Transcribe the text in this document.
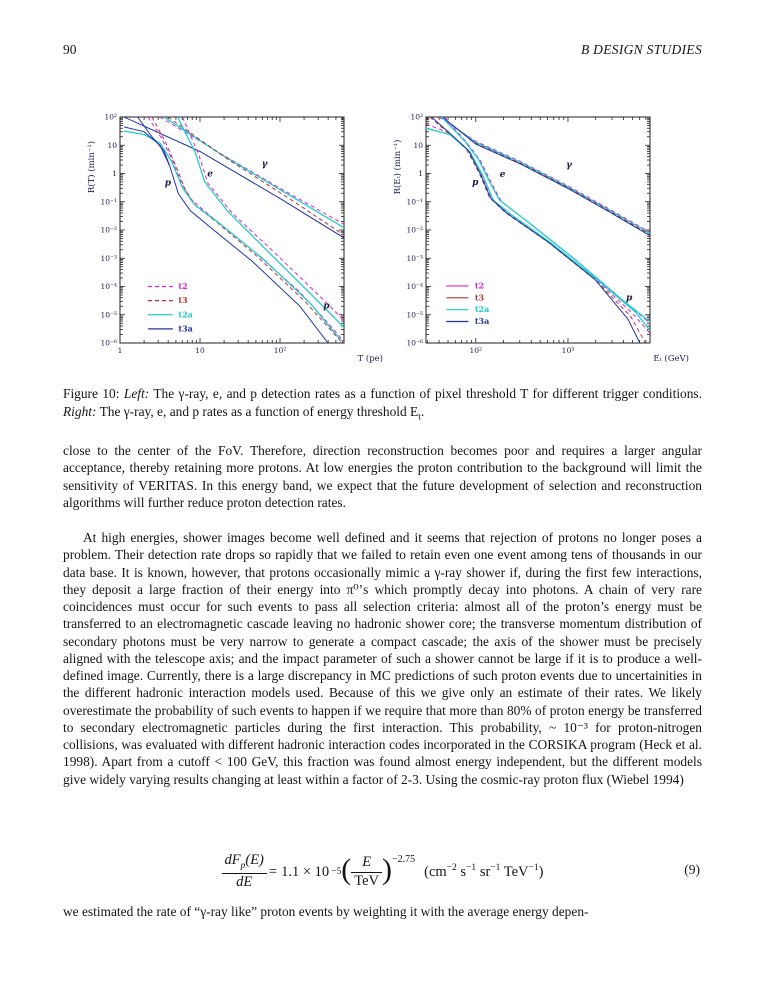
90	B DESIGN STUDIES
1	10	10²
10²
10
1
10⁻¹
10⁻²
10⁻³
10⁻⁴
10⁻⁵
10⁻⁶
γ
e
p
p
t2
t3
t2a
t3a
T (pe)
R(T) (min⁻¹)
10²	10³
10²
10
1
10⁻¹
10⁻²
10⁻³
10⁻⁴
10⁻⁵
10⁻⁶
γ
e
p
p
t2
t3
t2a
t3a
Eₜ (GeV)
R(Eₜ) (min⁻¹)

Figure 10: Left: The γ-ray, e, and p detection rates as a function of pixel threshold T for different trigger conditions. Right: The γ-ray, e, and p rates as a function of energy threshold $E_t$.

close to the center of the FoV. Therefore, direction reconstruction becomes poor and requires a larger angular acceptance, thereby retaining more protons. At low energies the proton contribution to the background will limit the sensitivity of VERITAS. In this energy band, we expect that the future development of selection and reconstruction algorithms will further reduce proton detection rates.

At high energies, shower images become well defined and it seems that rejection of protons no longer poses a problem. Their detection rate drops so rapidly that we failed to retain even one event among tens of thousands in our data base. It is known, however, that protons occasionally mimic a γ-ray shower if, during the first few interactions, they deposit a large fraction of their energy into π⁰’s which promptly decay into photons. A chain of very rare coincidences must occur for such events to pass all selection criteria: almost all of the proton’s energy must be transferred to an electromagnetic cascade leaving no hadronic shower core; the transverse momentum distribution of secondary photons must be very narrow to generate a compact cascade; the axis of the shower must be precisely aligned with the telescope axis; and the impact parameter of such a shower cannot be large if it is to produce a well-defined image. Currently, there is a large discrepancy in MC predictions of such proton events due to uncertainities in the different hadronic interaction models used. Because of this we give only an estimate of their rates. We likely overestimate the probability of such events to happen if we require that more than 80% of proton energy be transferred to secondary electromagnetic particles during the first interaction. This probability, ~ 10⁻³ for proton-nitrogen collisions, was evaluated with different hadronic interaction codes incorporated in the CORSIKA program (Heck et al. 1998). Apart from a cutoff < 100 GeV, this fraction was found almost energy independent, but the different models give widely varying results changing at least within a factor of 2-3. Using the cosmic-ray proton flux (Wiebel 1994)

$\frac{dF_p(E)}{dE} = 1.1 \times 10 -5$ ( $\frac{E}{\text{TeV}}$ ) −2.75
($cm^{-2}$ $s^{-1}$ $sr^{-1}$ TeV$^{-1}$)	(9)

we estimated the rate of “γ-ray like” proton events by weighting it with the average energy depen-
